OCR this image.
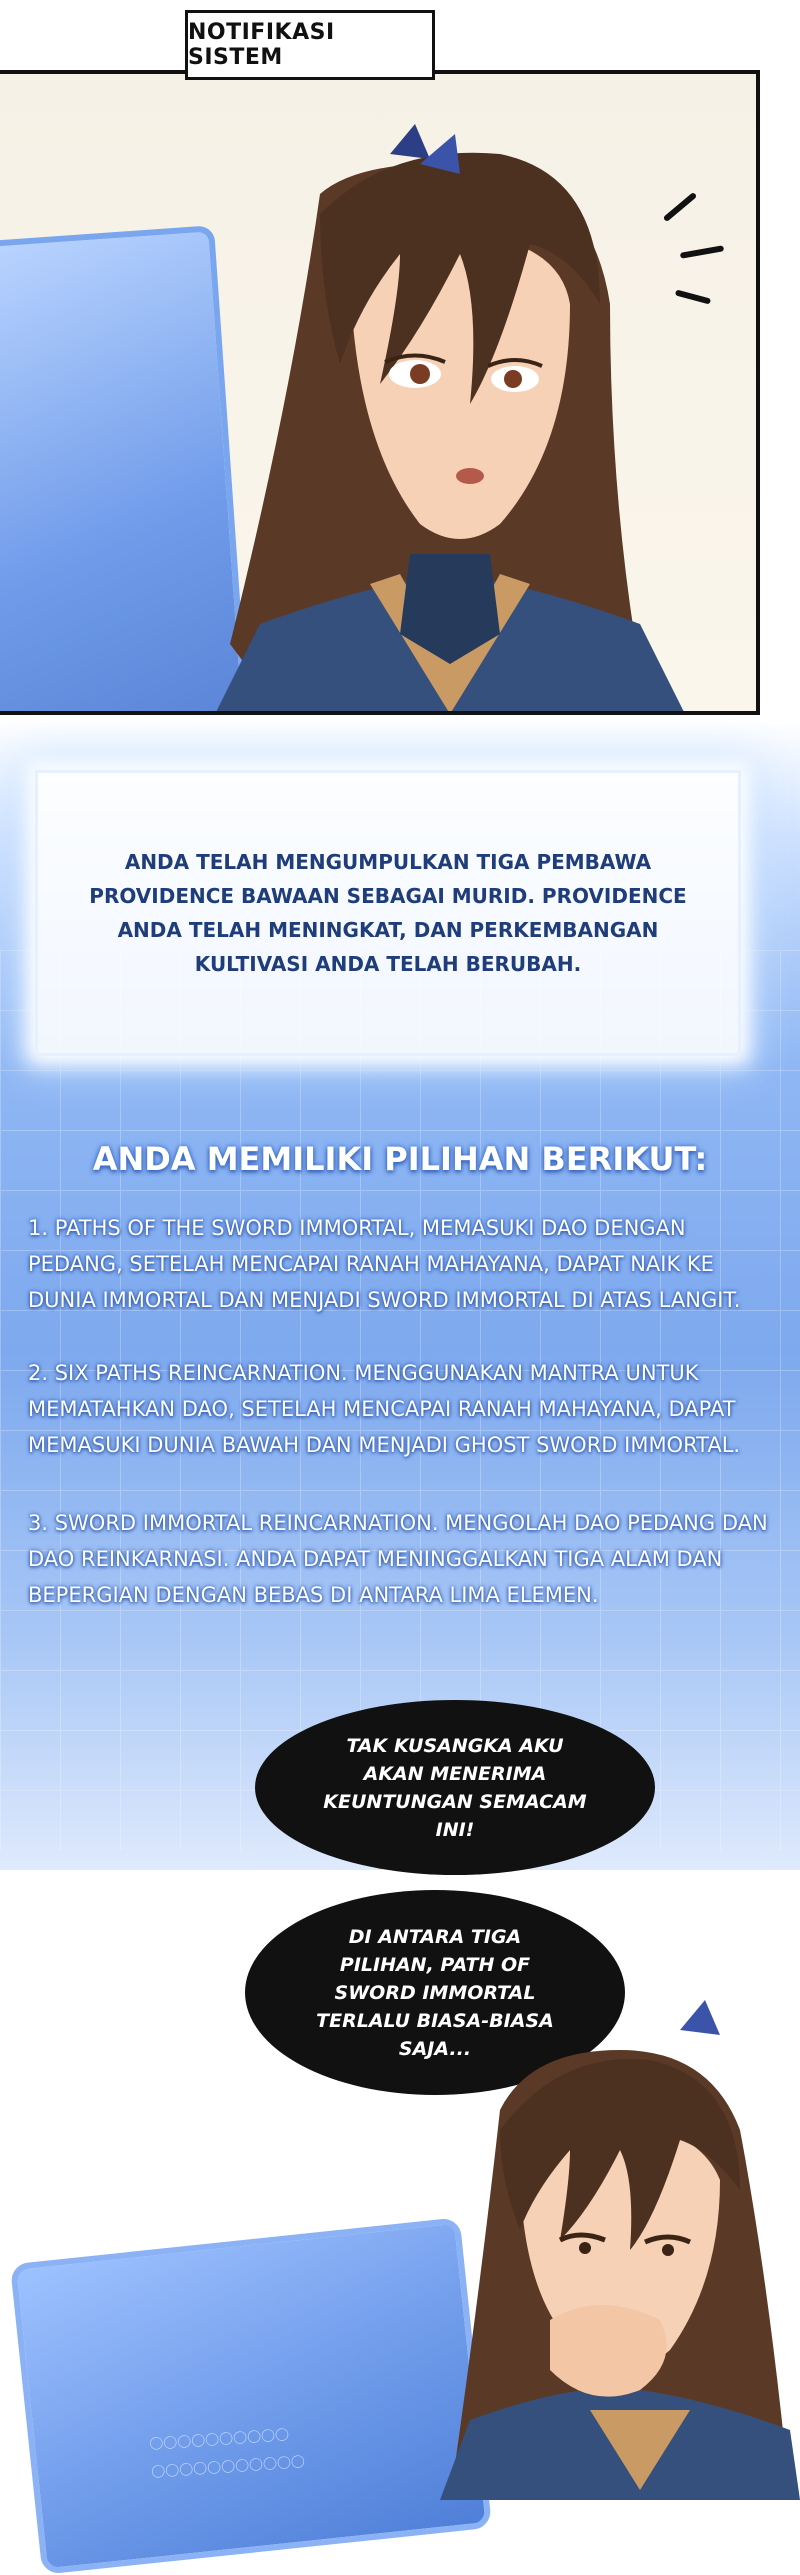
NOTIFIKASI SISTEM
ANDA TELAH MENGUMPULKAN TIGA PEMBAWA PROVIDENCE BAWAAN SEBAGAI MURID. PROVIDENCE ANDA TELAH MENINGKAT, DAN PERKEMBANGAN KULTIVASI ANDA TELAH BERUBAH.
ANDA MEMILIKI PILIHAN BERIKUT:
1. PATHS OF THE SWORD IMMORTAL, MEMASUKI DAO DENGAN PEDANG, SETELAH MENCAPAI RANAH MAHAYANA, DAPAT NAIK KE DUNIA IMMORTAL DAN MENJADI SWORD IMMORTAL DI ATAS LANGIT.
2. SIX PATHS REINCARNATION. MENGGUNAKAN MANTRA UNTUK MEMATAHKAN DAO, SETELAH MENCAPAI RANAH MAHAYANA, DAPAT MEMASUKI DUNIA BAWAH DAN MENJADI GHOST SWORD IMMORTAL.
3. SWORD IMMORTAL REINCARNATION. MENGOLAH DAO PEDANG DAN DAO REINKARNASI. ANDA DAPAT MENINGGALKAN TIGA ALAM DAN BEPERGIAN DENGAN BEBAS DI ANTARA LIMA ELEMEN.
TAK KUSANGKA AKU AKAN MENERIMA KEUNTUNGAN SEMACAM INI!
DI ANTARA TIGA PILIHAN, PATH OF SWORD IMMORTAL TERLALU BIASA-BIASA SAJA...
〇〇〇〇〇〇〇〇〇〇
〇〇〇〇〇〇〇〇〇〇〇
